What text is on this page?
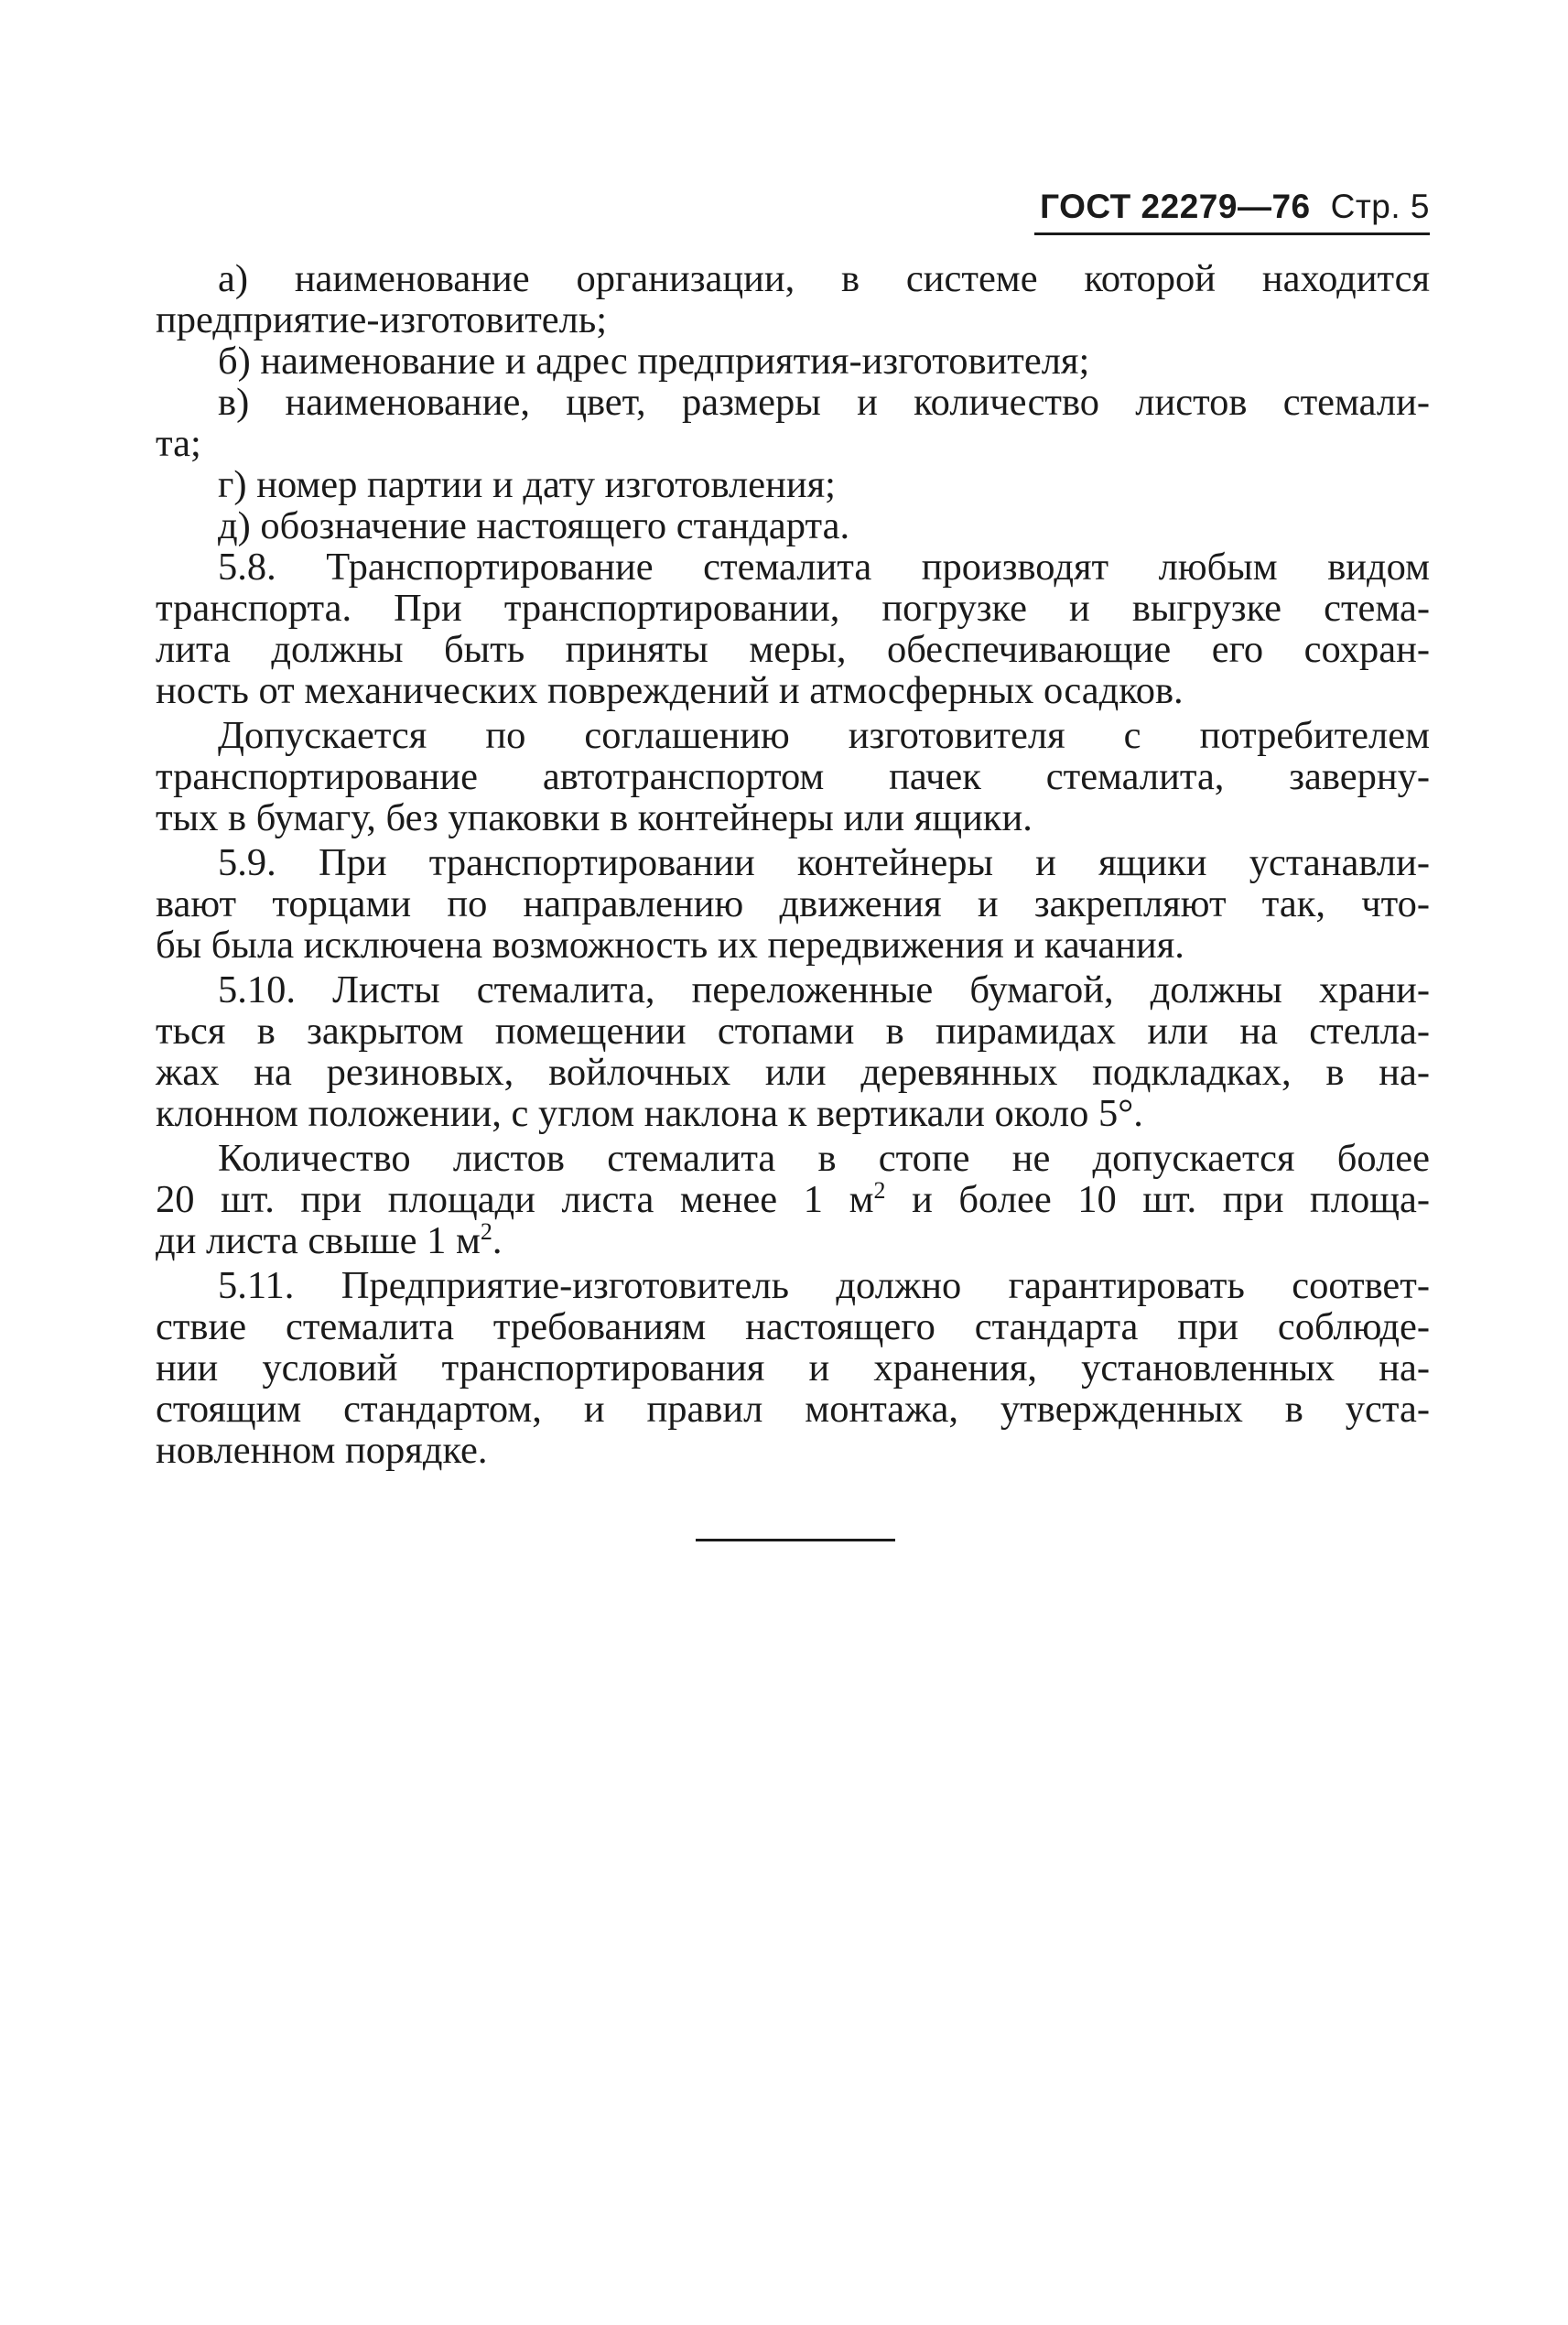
ГОСТ 22279—76 Стр. 5
а) наименование организации, в системе которой находится
предприятие-изготовитель;
б) наименование и адрес предприятия-изготовителя;
в) наименование, цвет, размеры и количество листов стемали-
та;
г) номер партии и дату изготовления;
д) обозначение настоящего стандарта.
5.8. Транспортирование стемалита производят любым видом
транспорта. При транспортировании, погрузке и выгрузке стема-
лита должны быть приняты меры, обеспечивающие его сохран-
ность от механических повреждений и атмосферных осадков.
Допускается по соглашению изготовителя с потребителем
транспортирование автотранспортом пачек стемалита, заверну-
тых в бумагу, без упаковки в контейнеры или ящики.
5.9. При транспортировании контейнеры и ящики устанавли-
вают торцами по направлению движения и закрепляют так, что-
бы была исключена возможность их передвижения и качания.
5.10. Листы стемалита, переложенные бумагой, должны храни-
ться в закрытом помещении стопами в пирамидах или на стелла-
жах на резиновых, войлочных или деревянных подкладках, в на-
клонном положении, с углом наклона к вертикали около 5°.
Количество листов стемалита в стопе не допускается более
20 шт. при площади листа менее 1 $м^2$ и более 10 шт. при площа-
ди листа свыше 1 $м^2$.
5.11. Предприятие-изготовитель должно гарантировать соответ-
ствие стемалита требованиям настоящего стандарта при соблюде-
нии условий транспортирования и хранения, установленных на-
стоящим стандартом, и правил монтажа, утвержденных в уста-
новленном порядке.
